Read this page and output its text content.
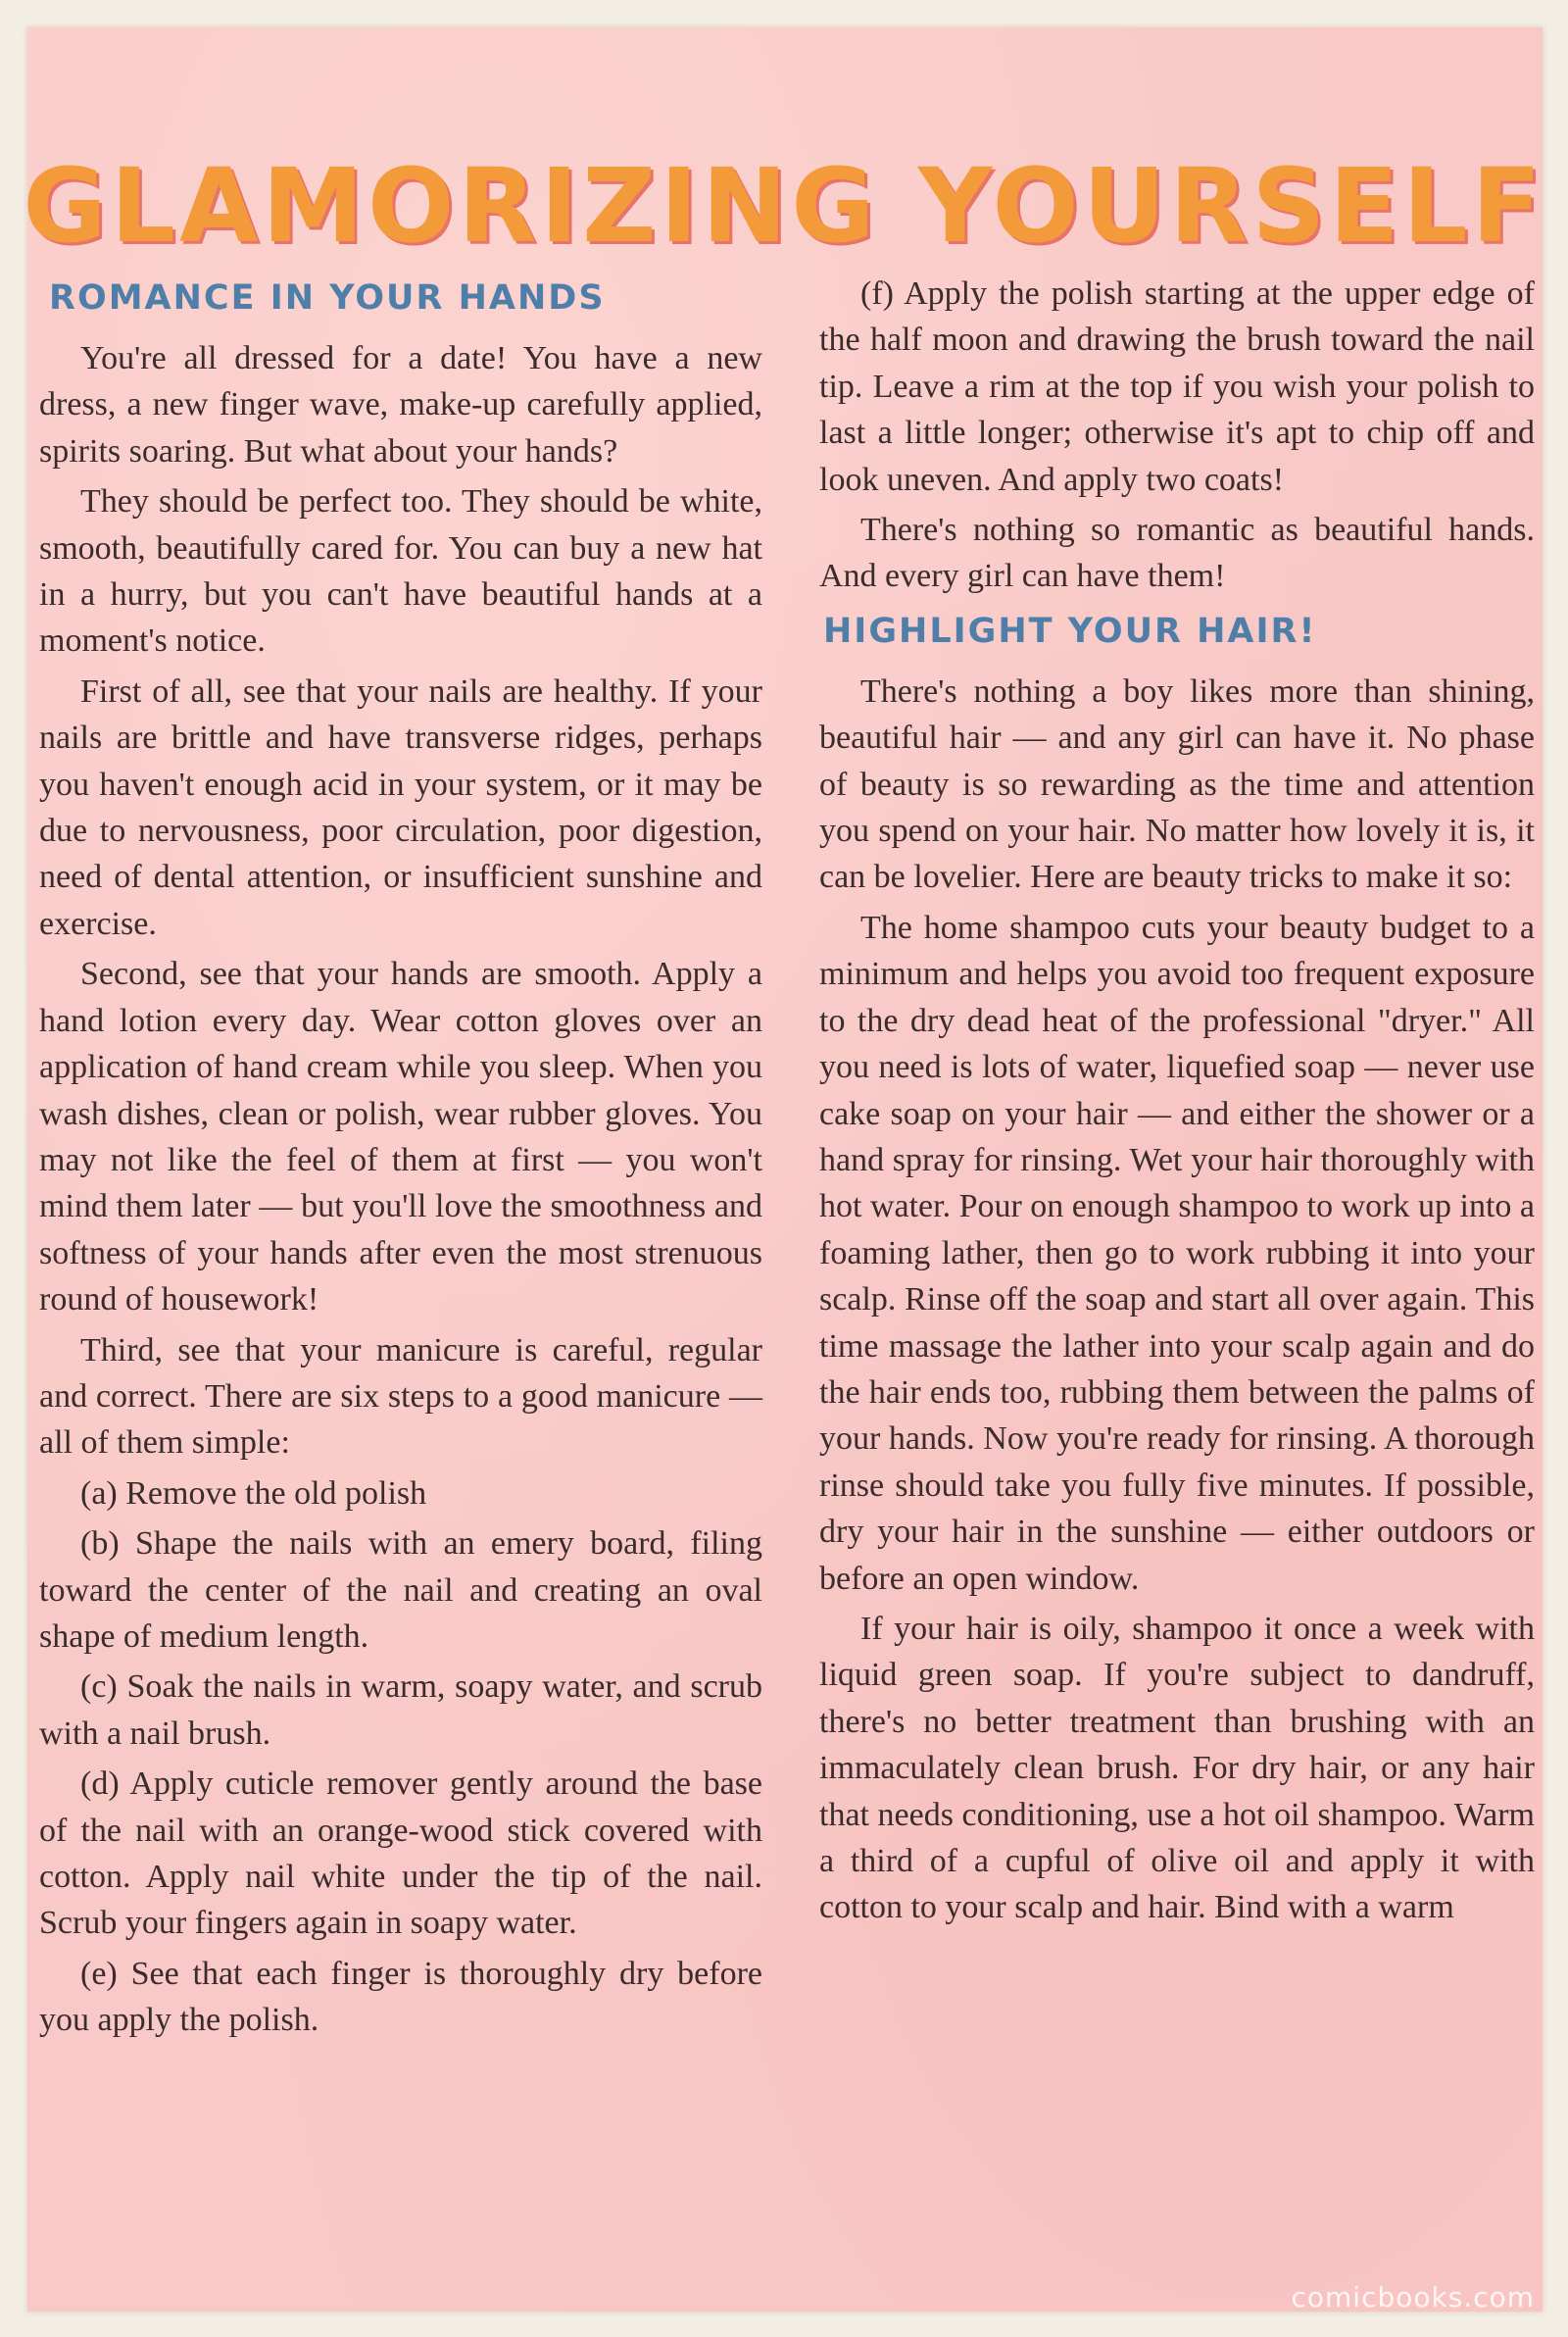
GLAMORIZING YOURSELF
ROMANCE IN YOUR HANDS

You're all dressed for a date! You have a new dress, a new finger wave, make-up carefully applied, spirits soaring. But what about your hands?

They should be perfect too. They should be white, smooth, beautifully cared for. You can buy a new hat in a hurry, but you can't have beautiful hands at a moment's notice.

First of all, see that your nails are healthy. If your nails are brittle and have transverse ridges, perhaps you haven't enough acid in your system, or it may be due to nervousness, poor circulation, poor digestion, need of dental attention, or insufficient sunshine and exercise.

Second, see that your hands are smooth. Apply a hand lotion every day. Wear cotton gloves over an application of hand cream while you sleep. When you wash dishes, clean or polish, wear rubber gloves. You may not like the feel of them at first — you won't mind them later — but you'll love the smoothness and softness of your hands after even the most strenuous round of housework!

Third, see that your manicure is careful, regular and correct. There are six steps to a good manicure — all of them simple:

(a) Remove the old polish

(b) Shape the nails with an emery board, filing toward the center of the nail and creating an oval shape of medium length.

(c) Soak the nails in warm, soapy water, and scrub with a nail brush.

(d) Apply cuticle remover gently around the base of the nail with an orange-wood stick covered with cotton. Apply nail white under the tip of the nail. Scrub your fingers again in soapy water.

(e) See that each finger is thoroughly dry before you apply the polish.

(f) Apply the polish starting at the upper edge of the half moon and drawing the brush toward the nail tip. Leave a rim at the top if you wish your polish to last a little longer; otherwise it's apt to chip off and look uneven. And apply two coats!

There's nothing so romantic as beautiful hands. And every girl can have them!

HIGHLIGHT YOUR HAIR!

There's nothing a boy likes more than shining, beautiful hair — and any girl can have it. No phase of beauty is so rewarding as the time and attention you spend on your hair. No matter how lovely it is, it can be lovelier. Here are beauty tricks to make it so:

The home shampoo cuts your beauty budget to a minimum and helps you avoid too frequent exposure to the dry dead heat of the professional "dryer." All you need is lots of water, liquefied soap — never use cake soap on your hair — and either the shower or a hand spray for rinsing. Wet your hair thoroughly with hot water. Pour on enough shampoo to work up into a foaming lather, then go to work rubbing it into your scalp. Rinse off the soap and start all over again. This time massage the lather into your scalp again and do the hair ends too, rubbing them between the palms of your hands. Now you're ready for rinsing. A thorough rinse should take you fully five minutes. If possible, dry your hair in the sunshine — either outdoors or before an open window.

If your hair is oily, shampoo it once a week with liquid green soap. If you're subject to dandruff, there's no better treatment than brushing with an immaculately clean brush. For dry hair, or any hair that needs conditioning, use a hot oil shampoo. Warm a third of a cupful of olive oil and apply it with cotton to your scalp and hair. Bind with a warm

comicbooks.com
